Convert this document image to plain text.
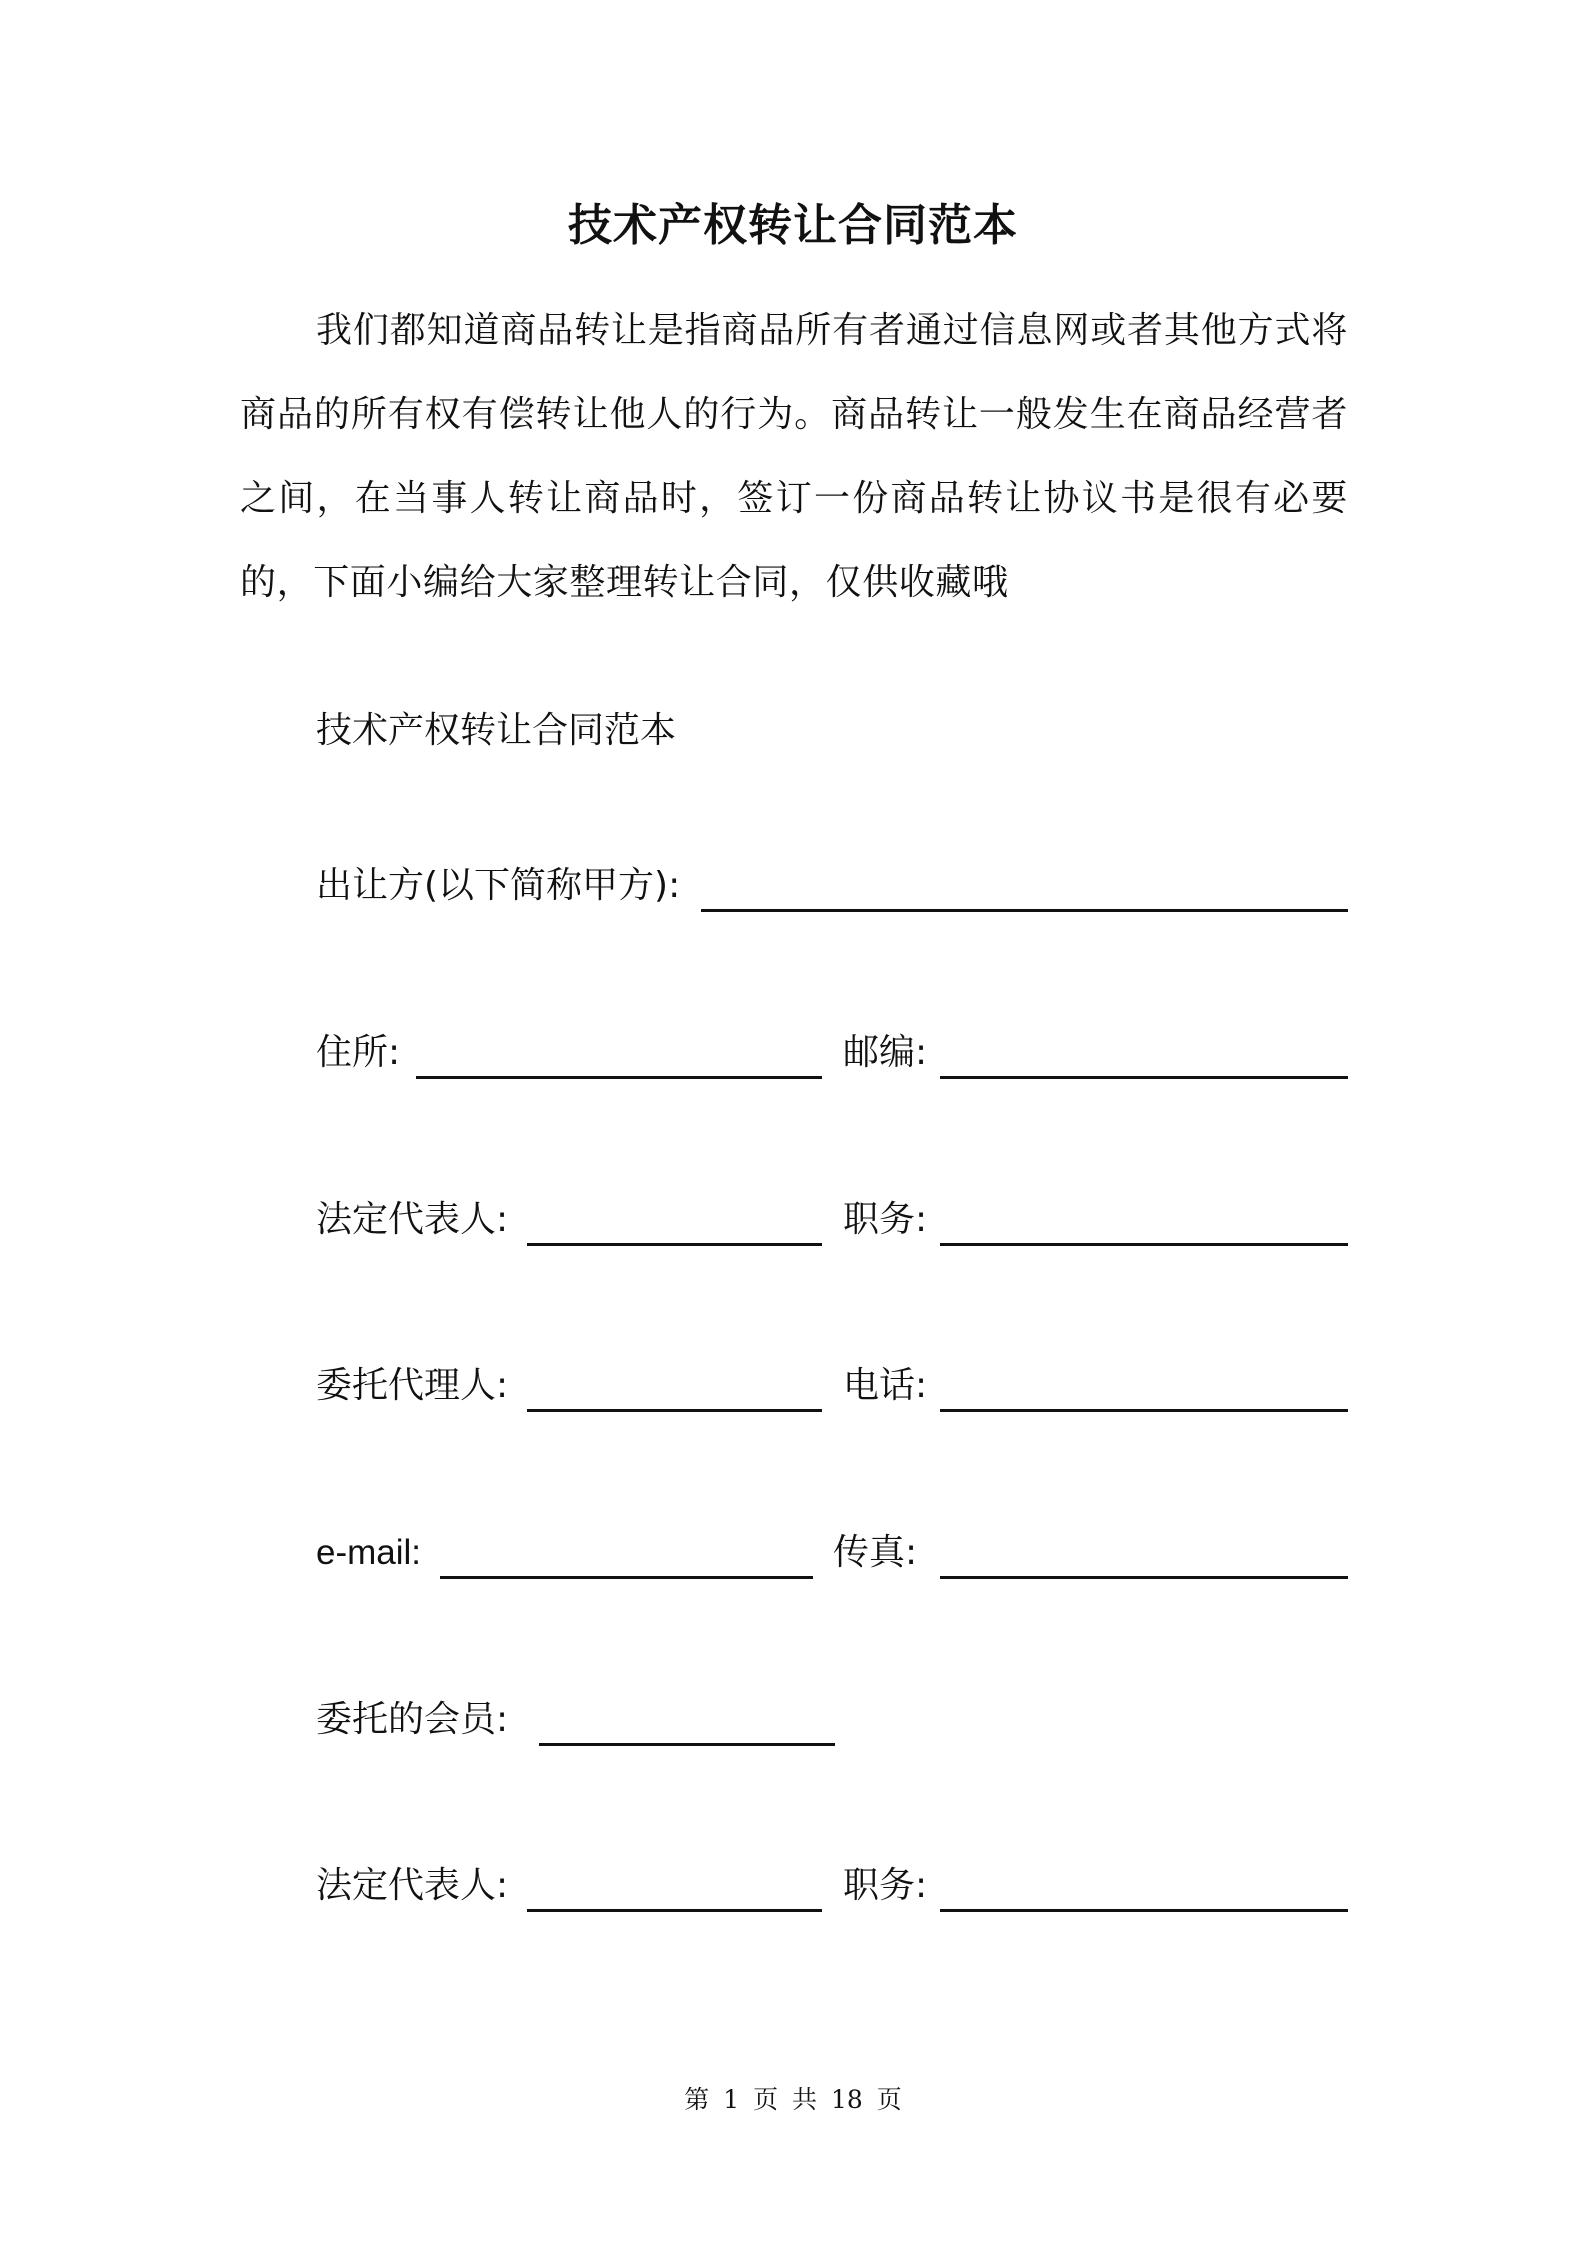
技术产权转让合同范本

我们都知道商品转让是指商品所有者通过信息网或者其他方式将商品的所有权有偿转让他人的行为。商品转让一般发生在商品经营者之间，在当事人转让商品时，签订一份商品转让协议书是很有必要的，下面小编给大家整理转让合同，仅供收藏哦

技术产权转让合同范本
出让方(以下简称甲方):
住所:	邮编:
法定代表人:	职务:
委托代理人:	电话:
e-mail:	传真:
委托的会员:
法定代表人:	职务:
第 1 页 共 18 页
